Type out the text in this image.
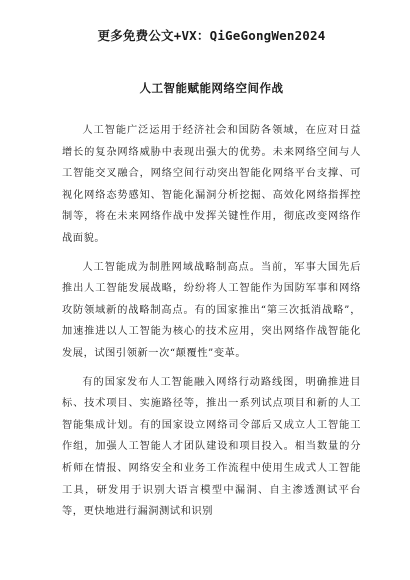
更多免费公文+VX：QiGeGongWen2024
人工智能赋能网络空间作战

人工智能广泛运用于经济社会和国防各领域，在应对日益增长的复杂网络威胁中表现出强大的优势。未来网络空间与人工智能交叉融合，网络空间行动突出智能化网络平台支撑、可视化网络态势感知、智能化漏洞分析挖掘、高效化网络指挥控制等，将在未来网络作战中发挥关键性作用，彻底改变网络作战面貌。

人工智能成为制胜网域战略制高点。当前，军事大国先后推出人工智能发展战略，纷纷将人工智能作为国防军事和网络攻防领域新的战略制高点。有的国家推出“第三次抵消战略”，加速推进以人工智能为核心的技术应用，突出网络作战智能化发展，试图引领新一次“颠覆性”变革。

有的国家发布人工智能融入网络行动路线图，明确推进目标、技术项目、实施路径等，推出一系列试点项目和新的人工智能集成计划。有的国家设立网络司令部后又成立人工智能工作组，加强人工智能人才团队建设和项目投入。相当数量的分析师在情报、网络安全和业务工作流程中使用生成式人工智能工具，研发用于识别大语言模型中漏洞、自主渗透测试平台等，更快地进行漏洞测试和识别
